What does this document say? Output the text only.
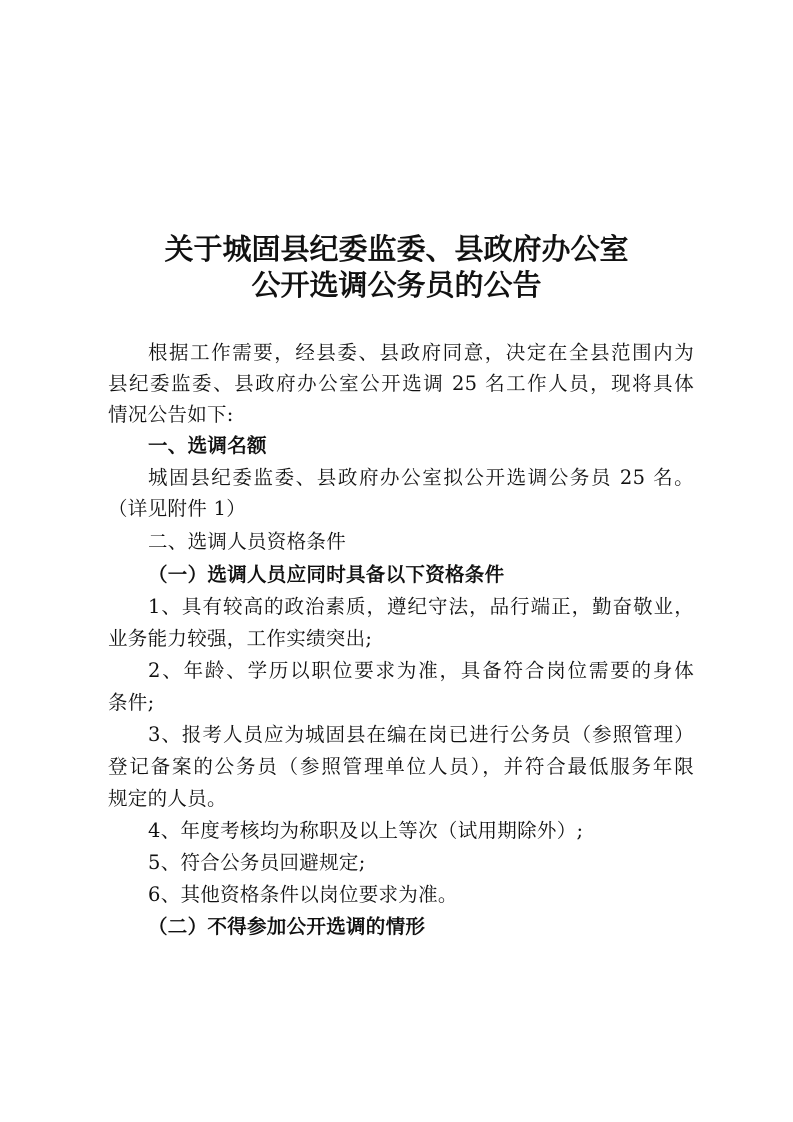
关于城固县纪委监委、县政府办公室
公开选调公务员的公告
根据工作需要，经县委、县政府同意，决定在全县范围内为
县纪委监委、县政府办公室公开选调 25 名工作人员，现将具体
情况公告如下:
一、选调名额
城固县纪委监委、县政府办公室拟公开选调公务员 25 名。
（详见附件 1）
二、选调人员资格条件
（一）选调人员应同时具备以下资格条件
1、具有较高的政治素质，遵纪守法，品行端正，勤奋敬业，
业务能力较强，工作实绩突出;
2、年龄、学历以职位要求为准，具备符合岗位需要的身体
条件;
3、报考人员应为城固县在编在岗已进行公务员（参照管理）
登记备案的公务员（参照管理单位人员），并符合最低服务年限
规定的人员。
4、年度考核均为称职及以上等次（试用期除外）;
5、符合公务员回避规定;
6、其他资格条件以岗位要求为准。
（二）不得参加公开选调的情形
